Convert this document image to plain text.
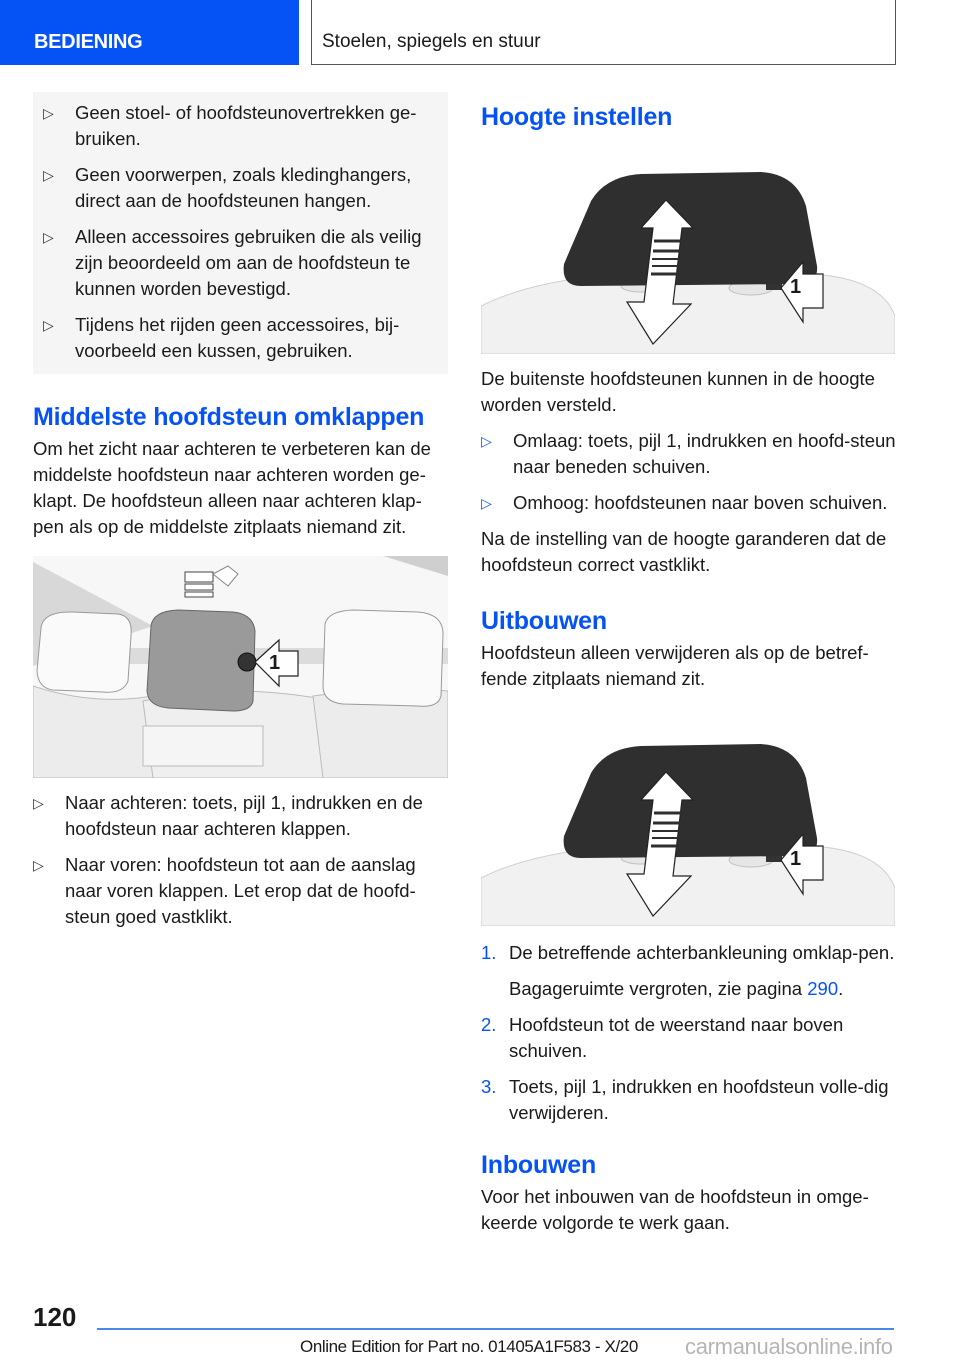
BEDIENING	Stoelen, spiegels en stuur
▷ Geen stoel- of hoofdsteunovertrekken ge-bruiken.
▷ Geen voorwerpen, zoals kledinghangers, direct aan de hoofdsteunen hangen.
▷ Alleen accessoires gebruiken die als veilig zijn beoordeeld om aan de hoofdsteun te kunnen worden bevestigd.
▷ Tijdens het rijden geen accessoires, bij-voorbeeld een kussen, gebruiken.
Middelste hoofdsteun omklappen

Om het zicht naar achteren te verbeteren kan de middelste hoofdsteun naar achteren worden ge-klapt. De hoofdsteun alleen naar achteren klap-pen als op de middelste zitplaats niemand zit.

1
▷ Naar achteren: toets, pijl 1, indrukken en de hoofdsteun naar achteren klappen.
▷ Naar voren: hoofdsteun tot aan de aanslag naar voren klappen. Let erop dat de hoofd-steun goed vastklikt.
Hoogte instellen
1

De buitenste hoofdsteunen kunnen in de hoogte worden versteld.

▷ Omlaag: toets, pijl 1, indrukken en hoofd-steun naar beneden schuiven.
▷ Omhoog: hoofdsteunen naar boven schuiven.

Na de instelling van de hoogte garanderen dat de hoofdsteun correct vastklikt.

Uitbouwen

Hoofdsteun alleen verwijderen als op de betref-fende zitplaats niemand zit.

1
1. De betreffende achterbankleuning omklap-pen.
Bagageruimte vergroten, zie pagina 290.
2. Hoofdsteun tot de weerstand naar boven schuiven.
3. Toets, pijl 1, indrukken en hoofdsteun volle-dig verwijderen.
Inbouwen

Voor het inbouwen van de hoofdsteun in omge-keerde volgorde te werk gaan.

120
Online Edition for Part no. 01405A1F583 - X/20 carmanualsonline.info
